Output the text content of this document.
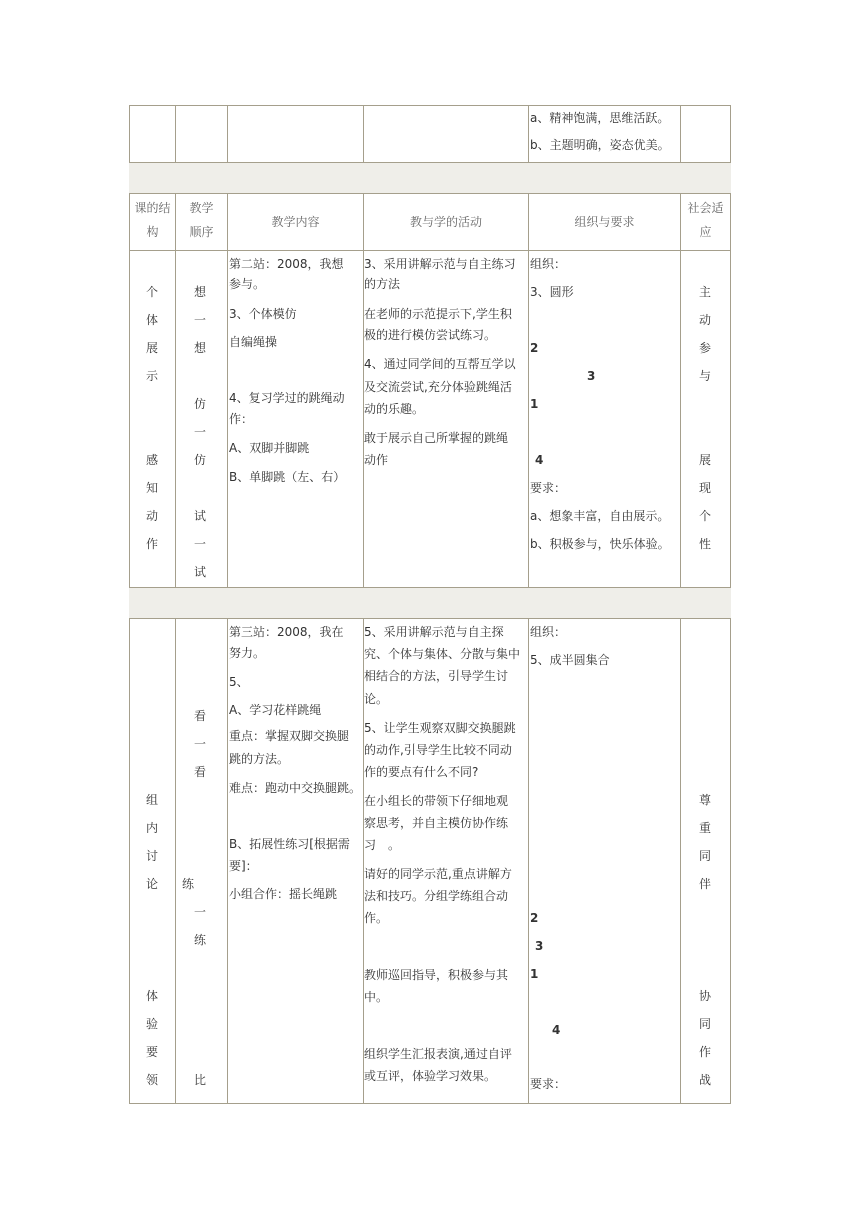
a、精神饱满，思维活跃。
b、主题明确，姿态优美。
课的结
构
教学
顺序
教学内容	教与学的活动	组织与要求
社会适
应
个
体
展
示
感
知
动
作
想
一
想
仿
一
仿
试
一
试
第二站：2008，我想
参与。
3、个体模仿
自编绳操
4、复习学过的跳绳动
作：
A、双脚并脚跳
B、单脚跳（左、右）
3、采用讲解示范与自主练习
的方法
在老师的示范提示下,学生积
极的进行模仿尝试练习。
4、通过同学间的互帮互学以
及交流尝试,充分体验跳绳活
动的乐趣。
敢于展示自己所掌握的跳绳
动作
组织：
3、圆形
2
3
1
4
要求：
a、想象丰富，自由展示。
b、积极参与，快乐体验。
主
动
参
与
展
现
个
性
组
内
讨
论
体
验
要
领
看
一
看
练
一
练
比
第三站：2008，我在
努力。
5、
A、学习花样跳绳
重点：掌握双脚交换腿
跳的方法。
难点：跑动中交换腿跳。
B、拓展性练习[根据需
要]：
小组合作：摇长绳跳
5、采用讲解示范与自主探
究、个体与集体、分散与集中
相结合的方法，引导学生讨
论。
5、让学生观察双脚交换腿跳
的动作,引导学生比较不同动
作的要点有什么不同?
在小组长的带领下仔细地观
察思考，并自主模仿协作练
习　。
请好的同学示范,重点讲解方
法和技巧。分组学练组合动
作。
教师巡回指导，积极参与其
中。
组织学生汇报表演,通过自评
或互评，体验学习效果。
组织：
5、成半圆集合
2
3
1
4
要求：
尊
重
同
伴
协
同
作
战
